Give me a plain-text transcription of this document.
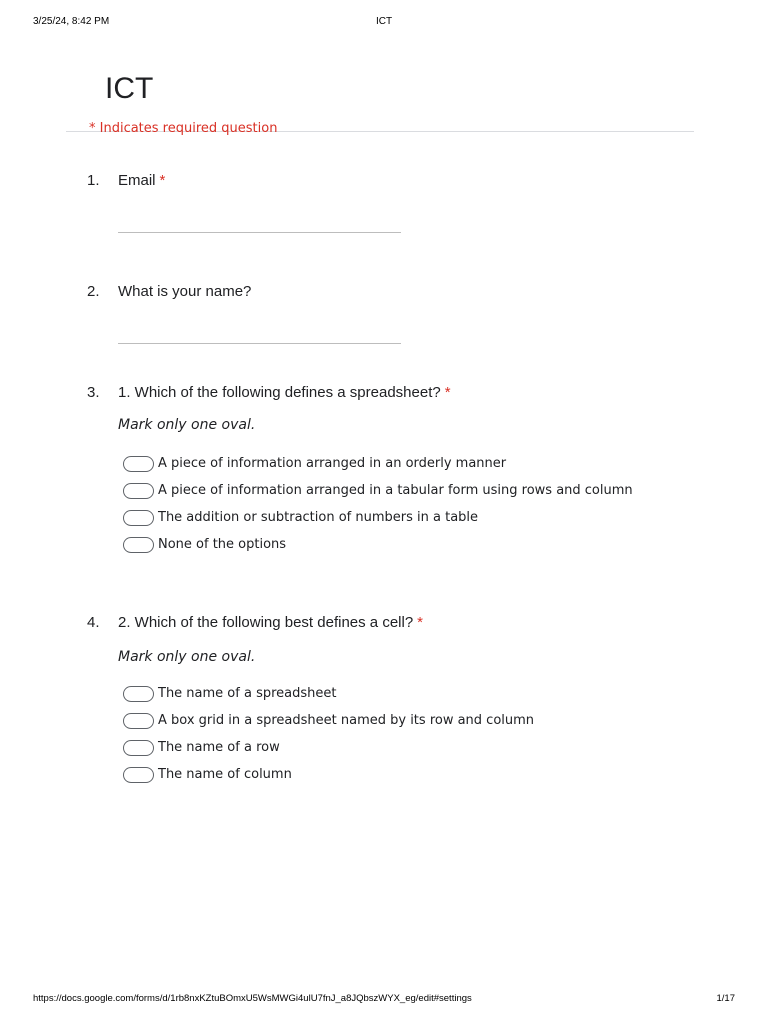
3/25/24, 8:42 PM	ICT
ICT
* Indicates required question
1. Email *
2. What is your name?
3. 1. Which of the following defines a spreadsheet? *
Mark only one oval.
A piece of information arranged in an orderly manner
A piece of information arranged in a tabular form using rows and column
The addition or subtraction of numbers in a table
None of the options
4. 2. Which of the following best defines a cell? *
Mark only one oval.
The name of a spreadsheet
A box grid in a spreadsheet named by its row and column
The name of a row
The name of column
https://docs.google.com/forms/d/1rb8nxKZtuBOmxU5WsMWGi4ulU7fnJ_a8JQbszWYX_eg/edit#settings	1/17
